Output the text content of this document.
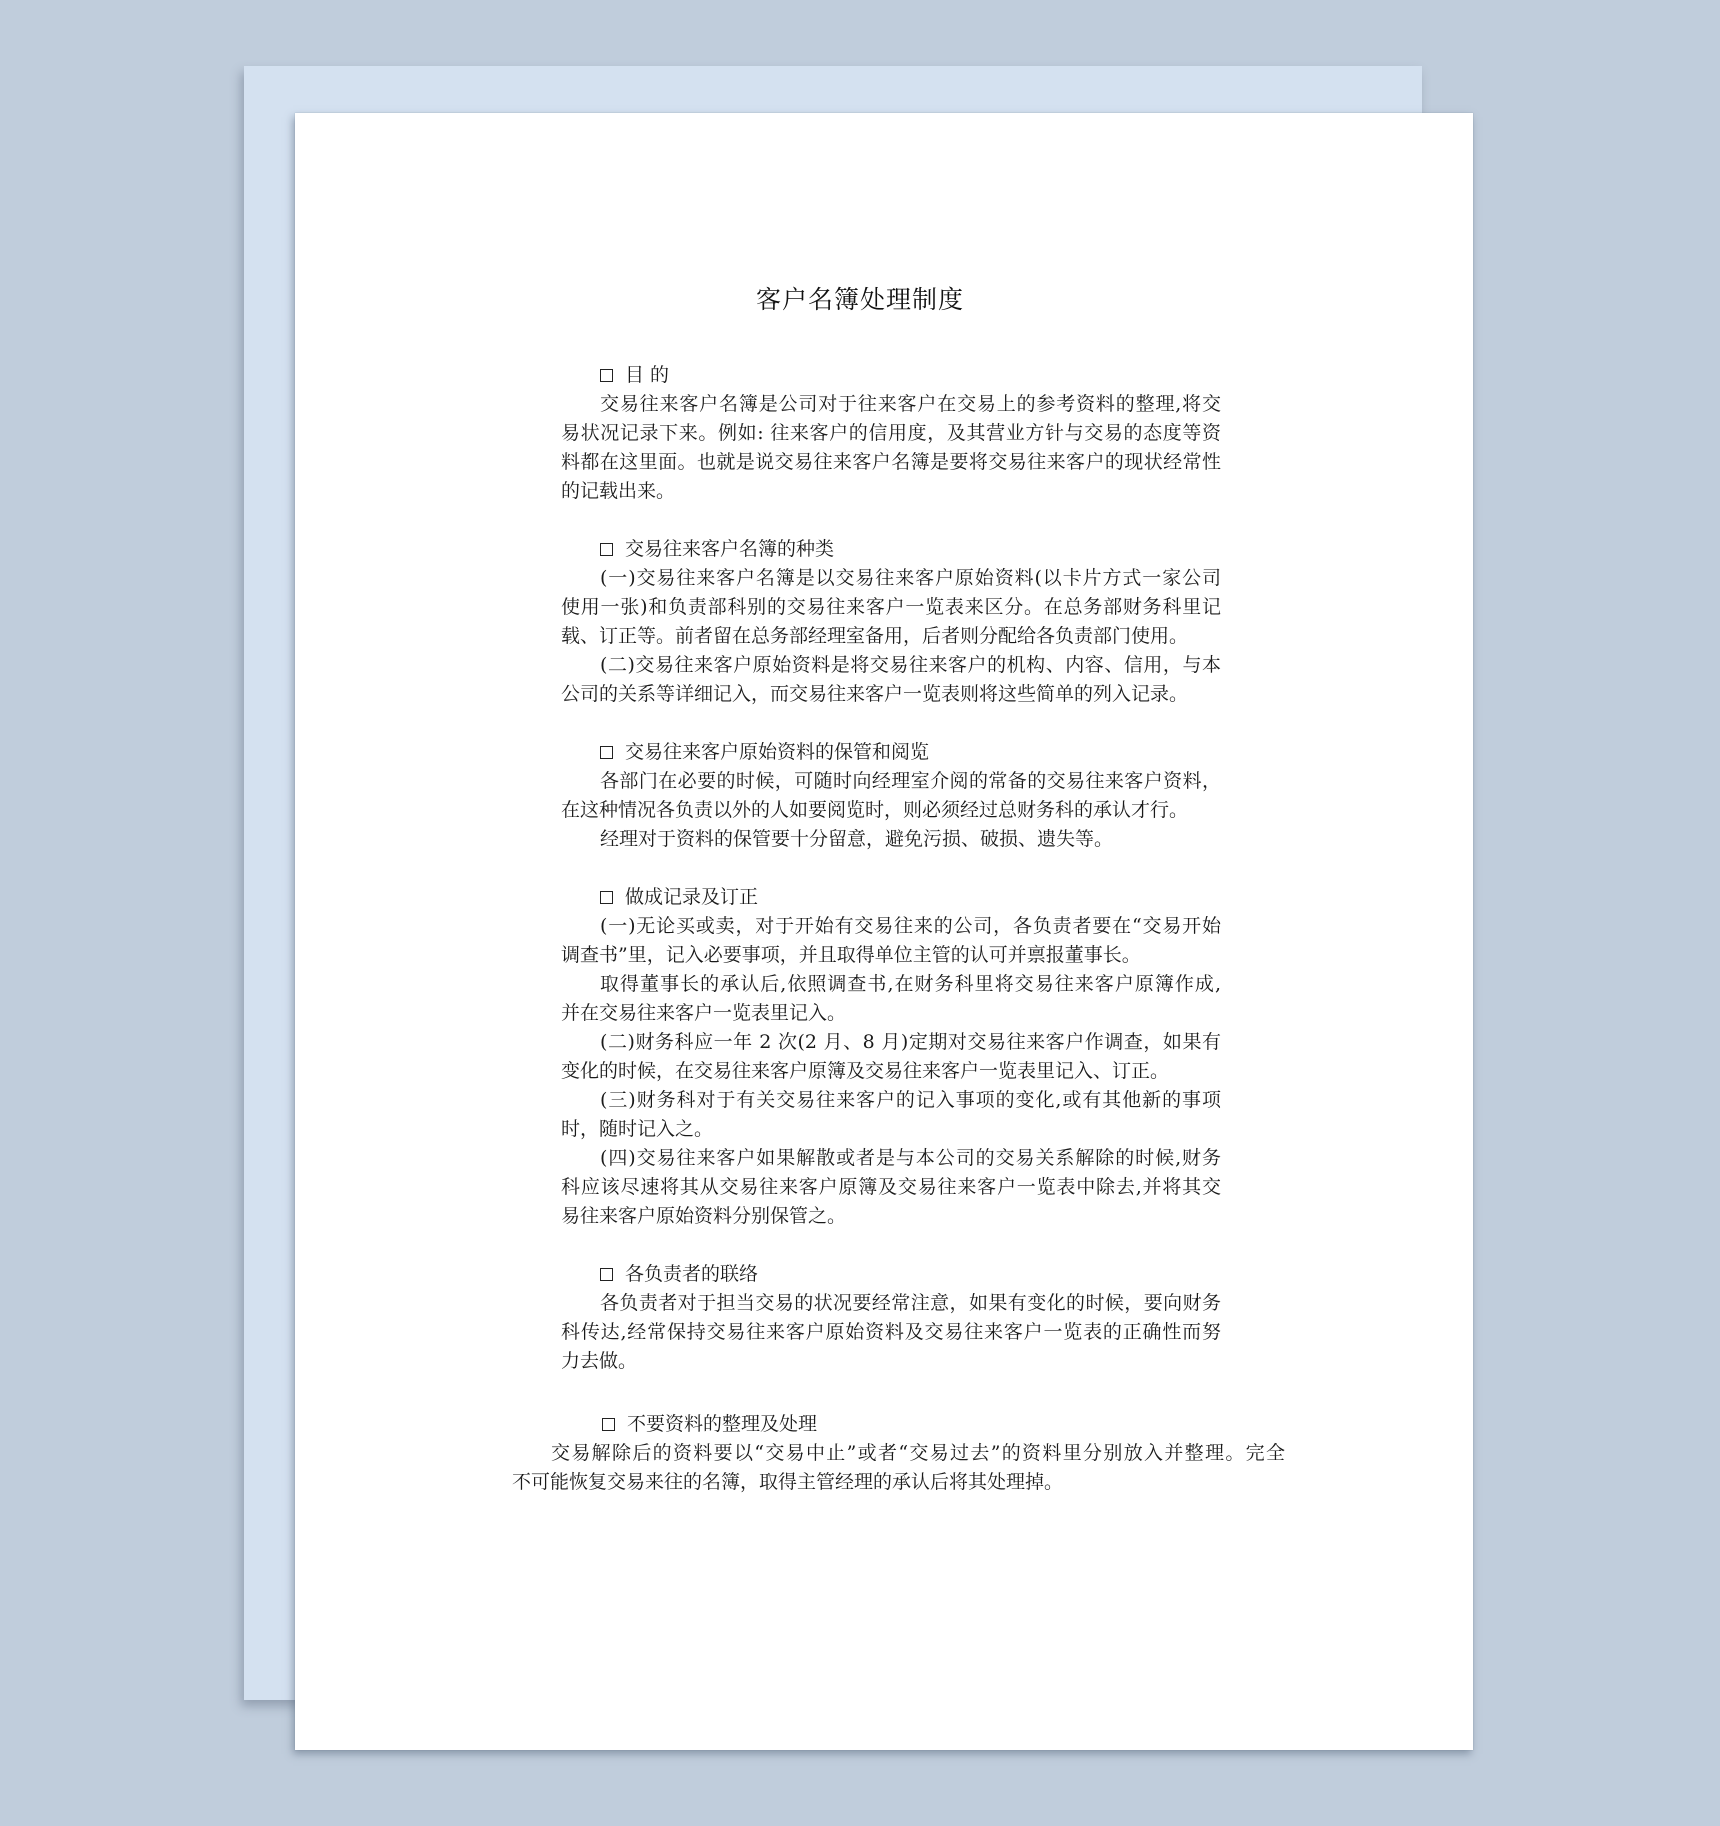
客户名簿处理制度
目 的
交易往来客户名簿是公司对于往来客户在交易上的参考资料的整理,将交
易状况记录下来。例如: 往来客户的信用度，及其营业方针与交易的态度等资
料都在这里面。也就是说交易往来客户名簿是要将交易往来客户的现状经常性
的记载出来。
交易往来客户名簿的种类
(一)交易往来客户名簿是以交易往来客户原始资料(以卡片方式一家公司
使用一张)和负责部科别的交易往来客户一览表来区分。在总务部财务科里记
载、订正等。前者留在总务部经理室备用，后者则分配给各负责部门使用。
(二)交易往来客户原始资料是将交易往来客户的机构、内容、信用，与本
公司的关系等详细记入，而交易往来客户一览表则将这些简单的列入记录。
交易往来客户原始资料的保管和阅览
各部门在必要的时候，可随时向经理室介阅的常备的交易往来客户资料，
在这种情况各负责以外的人如要阅览时，则必须经过总财务科的承认才行。
经理对于资料的保管要十分留意，避免污损、破损、遗失等。
做成记录及订正
(一)无论买或卖，对于开始有交易往来的公司，各负责者要在“交易开始
调查书”里，记入必要事项，并且取得单位主管的认可并禀报董事长。
取得董事长的承认后,依照调查书,在财务科里将交易往来客户原簿作成,
并在交易往来客户一览表里记入。
(二)财务科应一年 2 次(2 月、8 月)定期对交易往来客户作调查，如果有
变化的时候，在交易往来客户原簿及交易往来客户一览表里记入、订正。
(三)财务科对于有关交易往来客户的记入事项的变化,或有其他新的事项
时，随时记入之。
(四)交易往来客户如果解散或者是与本公司的交易关系解除的时候,财务
科应该尽速将其从交易往来客户原簿及交易往来客户一览表中除去,并将其交
易往来客户原始资料分别保管之。
各负责者的联络
各负责者对于担当交易的状况要经常注意，如果有变化的时候，要向财务
科传达,经常保持交易往来客户原始资料及交易往来客户一览表的正确性而努
力去做。
不要资料的整理及处理
交易解除后的资料要以“交易中止”或者“交易过去”的资料里分别放入并整理。完全
不可能恢复交易来往的名簿，取得主管经理的承认后将其处理掉。
